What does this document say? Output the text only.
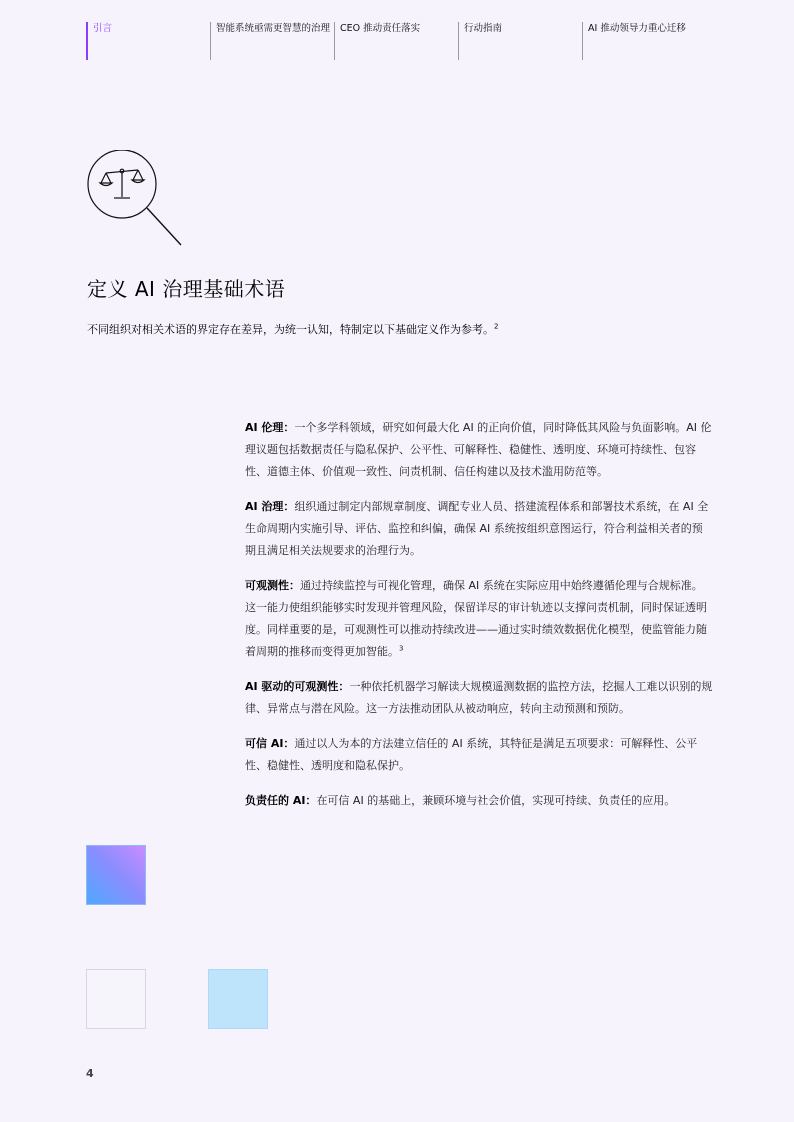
引言	智能系统亟需更智慧的治理	CEO 推动责任落实	行动指南	AI 推动领导力重心迁移
定义 AI 治理基础术语

不同组织对相关术语的界定存在差异，为统一认知，特制定以下基础定义作为参考。$^2$

AI 伦理：一个多学科领域，研究如何最大化 AI 的正向价值，同时降低其风险与负面影响。AI 伦理议题包括数据责任与隐私保护、公平性、可解释性、稳健性、透明度、环境可持续性、包容性、道德主体、价值观一致性、问责机制、信任构建以及技术滥用防范等。

AI 治理：组织通过制定内部规章制度、调配专业人员、搭建流程体系和部署技术系统，在 AI 全生命周期内实施引导、评估、监控和纠偏，确保 AI 系统按组织意图运行，符合利益相关者的预期且满足相关法规要求的治理行为。

可观测性：通过持续监控与可视化管理，确保 AI 系统在实际应用中始终遵循伦理与合规标准。这一能力使组织能够实时发现并管理风险，保留详尽的审计轨迹以支撑问责机制，同时保证透明度。同样重要的是，可观测性可以推动持续改进——通过实时绩效数据优化模型，使监管能力随着周期的推移而变得更加智能。$^3$

AI 驱动的可观测性：一种依托机器学习解读大规模遥测数据的监控方法，挖掘人工难以识别的规律、异常点与潜在风险。这一方法推动团队从被动响应，转向主动预测和预防。

可信 AI：通过以人为本的方法建立信任的 AI 系统，其特征是满足五项要求：可解释性、公平性、稳健性、透明度和隐私保护。

负责任的 AI：在可信 AI 的基础上，兼顾环境与社会价值，实现可持续、负责任的应用。

4
